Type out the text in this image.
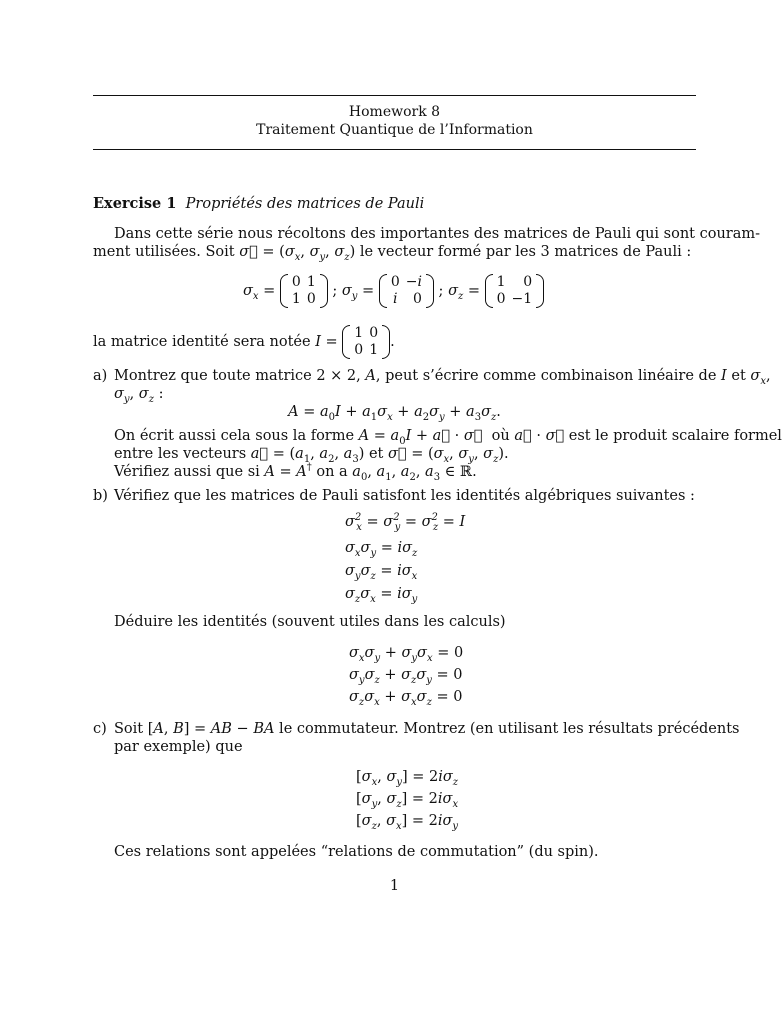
Homework 8
Traitement Quantique de l’Information
Exercise 1 Propriétés des matrices de Pauli
Dans cette série nous récoltons des importantes des matrices de Pauli qui sont couram-
ment utilisées. Soit σ⃗ = ($\sigma_x$, $\sigma_y$, $\sigma_z$) le vecteur formé par les 3 matrices de Pauli :
$\sigma_x$ =
0	1
1	0 ; $\sigma_y$ =
0	−i
i	0 ; $\sigma_z$ =
1	0
0	−1
la matrice identité sera notée I =
1	0
0	1 .
a) Montrez que toute matrice 2 × 2, A, peut s’écrire comme combinaison linéaire de I et $\sigma_x$,
$\sigma_y$, $\sigma_z$ :
$A = a_0I + a_1\sigma_x + a_2\sigma_y + a_3\sigma_z$.
On écrit aussi cela sous la forme $A = a_0I$ + a⃗ · σ⃗  où a⃗ · σ⃗ est le produit scalaire formel
entre les vecteurs a⃗ = ($a_1$, $a_2$, $a_3$) et σ⃗ = ($\sigma_x$, $\sigma_y$, $\sigma_z$).
Vérifiez aussi que si A = A† on a $a_0$, $a_1$, $a_2$, $a_3$ ∈ ℝ.
b) Vérifiez que les matrices de Pauli satisfont les identités algébriques suivantes :
$\sigma^2_x = \sigma^2_y = \sigma^2_z = I$
$\sigma_x\sigma_y = i\sigma_z$
$\sigma_y\sigma_z = i\sigma_x$
$\sigma_z\sigma_x = i\sigma_y$
Déduire les identités (souvent utiles dans les calculs)
$\sigma_x\sigma_y + \sigma_y\sigma_x = 0$
$\sigma_y\sigma_z + \sigma_z\sigma_y = 0$
$\sigma_z\sigma_x + \sigma_x\sigma_z = 0$
c) Soit [A, B] = AB − BA le commutateur. Montrez (en utilisant les résultats précédents
par exemple) que
[$\sigma_x$, $\sigma_y] = 2i\sigma_z$
[$\sigma_y$, $\sigma_z] = 2i\sigma_x$
[$\sigma_z$, $\sigma_x] = 2i\sigma_y$
Ces relations sont appelées “relations de commutation” (du spin).
1
